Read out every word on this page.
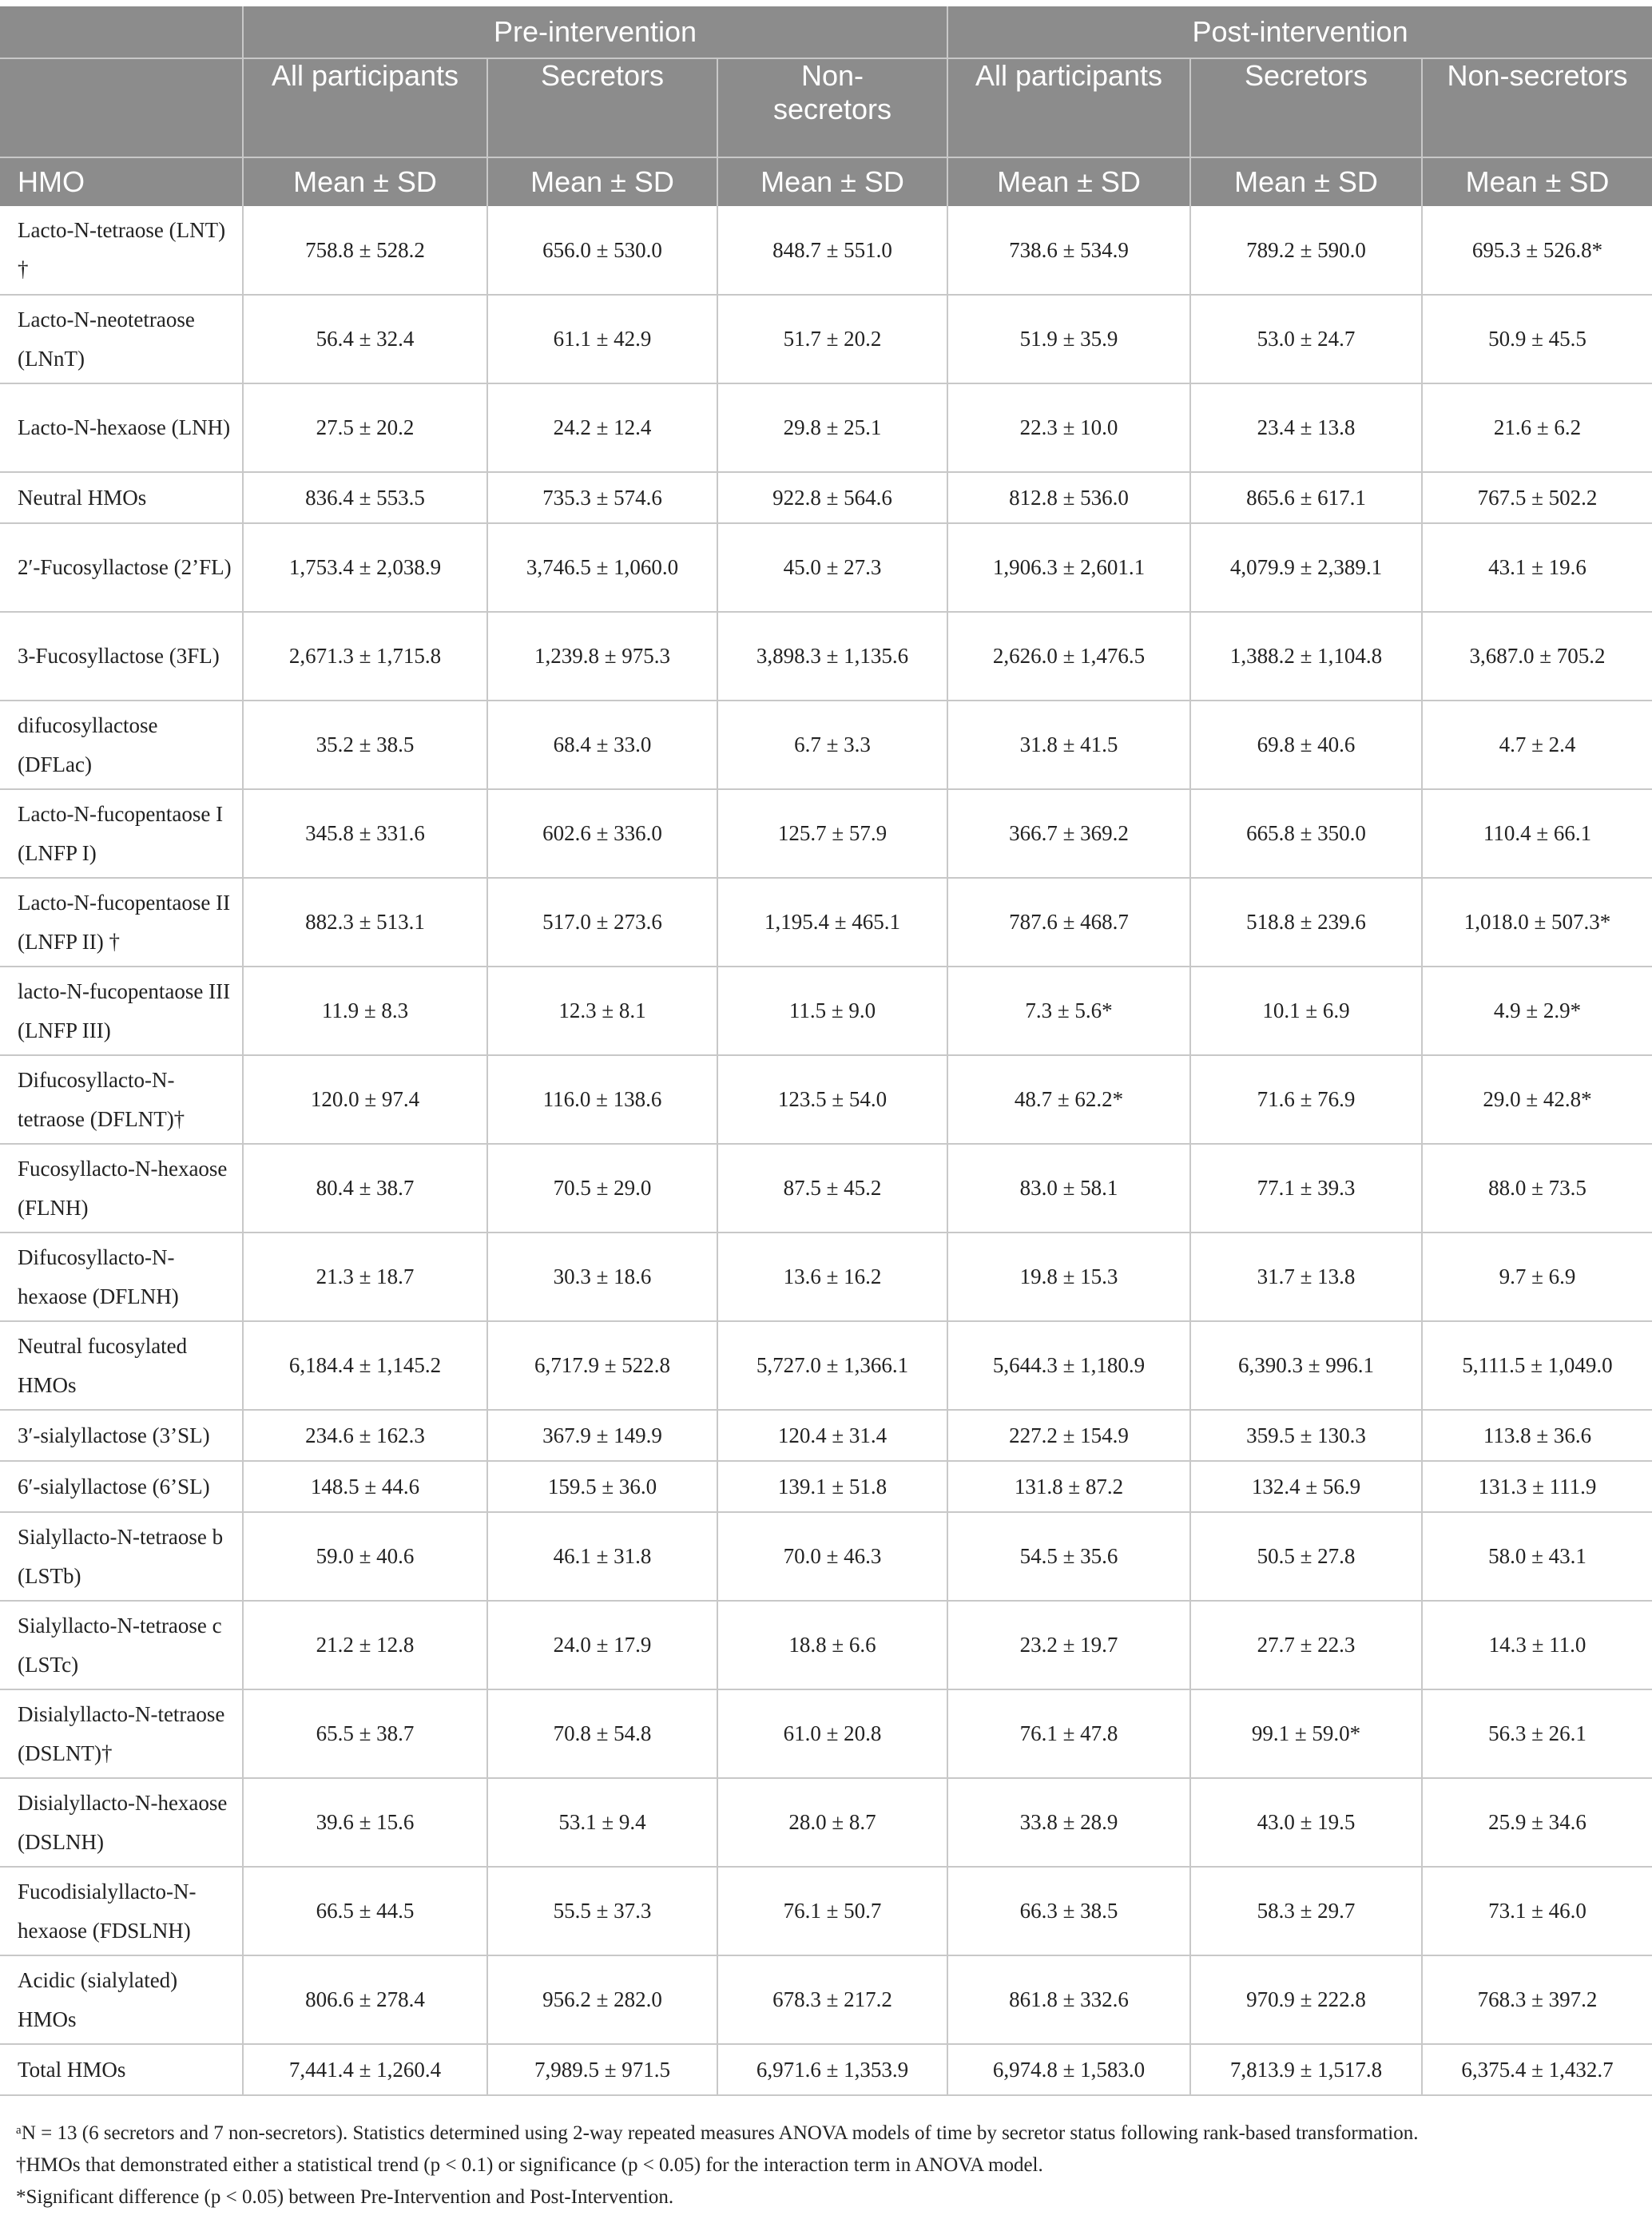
	Pre-intervention			Post-intervention		
	All participants	Secretors	Non-secretors	All participants	Secretors	Non-secretors
HMO	Mean ± SD	Mean ± SD	Mean ± SD	Mean ± SD	Mean ± SD	Mean ± SD
Lacto-N-tetraose (LNT) †	758.8 ± 528.2	656.0 ± 530.0	848.7 ± 551.0	738.6 ± 534.9	789.2 ± 590.0	695.3 ± 526.8*
Lacto-N-neotetraose (LNnT)	56.4 ± 32.4	61.1 ± 42.9	51.7 ± 20.2	51.9 ± 35.9	53.0 ± 24.7	50.9 ± 45.5
Lacto-N-hexaose (LNH)	27.5 ± 20.2	24.2 ± 12.4	29.8 ± 25.1	22.3 ± 10.0	23.4 ± 13.8	21.6 ± 6.2
Neutral HMOs	836.4 ± 553.5	735.3 ± 574.6	922.8 ± 564.6	812.8 ± 536.0	865.6 ± 617.1	767.5 ± 502.2
2′-Fucosyllactose (2’FL)	1,753.4 ± 2,038.9	3,746.5 ± 1,060.0	45.0 ± 27.3	1,906.3 ± 2,601.1	4,079.9 ± 2,389.1	43.1 ± 19.6
3-Fucosyllactose (3FL)	2,671.3 ± 1,715.8	1,239.8 ± 975.3	3,898.3 ± 1,135.6	2,626.0 ± 1,476.5	1,388.2 ± 1,104.8	3,687.0 ± 705.2
difucosyllactose (DFLac)	35.2 ± 38.5	68.4 ± 33.0	6.7 ± 3.3	31.8 ± 41.5	69.8 ± 40.6	4.7 ± 2.4
Lacto-N-fucopentaose I (LNFP I)	345.8 ± 331.6	602.6 ± 336.0	125.7 ± 57.9	366.7 ± 369.2	665.8 ± 350.0	110.4 ± 66.1
Lacto-N-fucopentaose II (LNFP II) †	882.3 ± 513.1	517.0 ± 273.6	1,195.4 ± 465.1	787.6 ± 468.7	518.8 ± 239.6	1,018.0 ± 507.3*
lacto-N-fucopentaose III (LNFP III)	11.9 ± 8.3	12.3 ± 8.1	11.5 ± 9.0	7.3 ± 5.6*	10.1 ± 6.9	4.9 ± 2.9*
Difucosyllacto-N-tetraose (DFLNT)†	120.0 ± 97.4	116.0 ± 138.6	123.5 ± 54.0	48.7 ± 62.2*	71.6 ± 76.9	29.0 ± 42.8*
Fucosyllacto-N-hexaose (FLNH)	80.4 ± 38.7	70.5 ± 29.0	87.5 ± 45.2	83.0 ± 58.1	77.1 ± 39.3	88.0 ± 73.5
Difucosyllacto-N-hexaose (DFLNH)	21.3 ± 18.7	30.3 ± 18.6	13.6 ± 16.2	19.8 ± 15.3	31.7 ± 13.8	9.7 ± 6.9
Neutral fucosylated HMOs	6,184.4 ± 1,145.2	6,717.9 ± 522.8	5,727.0 ± 1,366.1	5,644.3 ± 1,180.9	6,390.3 ± 996.1	5,111.5 ± 1,049.0
3′-sialyllactose (3’SL)	234.6 ± 162.3	367.9 ± 149.9	120.4 ± 31.4	227.2 ± 154.9	359.5 ± 130.3	113.8 ± 36.6
6′-sialyllactose (6’SL)	148.5 ± 44.6	159.5 ± 36.0	139.1 ± 51.8	131.8 ± 87.2	132.4 ± 56.9	131.3 ± 111.9
Sialyllacto-N-tetraose b (LSTb)	59.0 ± 40.6	46.1 ± 31.8	70.0 ± 46.3	54.5 ± 35.6	50.5 ± 27.8	58.0 ± 43.1
Sialyllacto-N-tetraose c (LSTc)	21.2 ± 12.8	24.0 ± 17.9	18.8 ± 6.6	23.2 ± 19.7	27.7 ± 22.3	14.3 ± 11.0
Disialyllacto-N-tetraose (DSLNT)†	65.5 ± 38.7	70.8 ± 54.8	61.0 ± 20.8	76.1 ± 47.8	99.1 ± 59.0*	56.3 ± 26.1
Disialyllacto-N-hexaose (DSLNH)	39.6 ± 15.6	53.1 ± 9.4	28.0 ± 8.7	33.8 ± 28.9	43.0 ± 19.5	25.9 ± 34.6
Fucodisialyllacto-N-hexaose (FDSLNH)	66.5 ± 44.5	55.5 ± 37.3	76.1 ± 50.7	66.3 ± 38.5	58.3 ± 29.7	73.1 ± 46.0
Acidic (sialylated) HMOs	806.6 ± 278.4	956.2 ± 282.0	678.3 ± 217.2	861.8 ± 332.6	970.9 ± 222.8	768.3 ± 397.2
Total HMOs	7,441.4 ± 1,260.4	7,989.5 ± 971.5	6,971.6 ± 1,353.9	6,974.8 ± 1,583.0	7,813.9 ± 1,517.8	6,375.4 ± 1,432.7

ᵃN = 13 (6 secretors and 7 non-secretors). Statistics determined using 2-way repeated measures ANOVA models of time by secretor status following rank-based transformation.

†HMOs that demonstrated either a statistical trend (p < 0.1) or significance (p < 0.05) for the interaction term in ANOVA model.

*Significant difference (p < 0.05) between Pre-Intervention and Post-Intervention.
